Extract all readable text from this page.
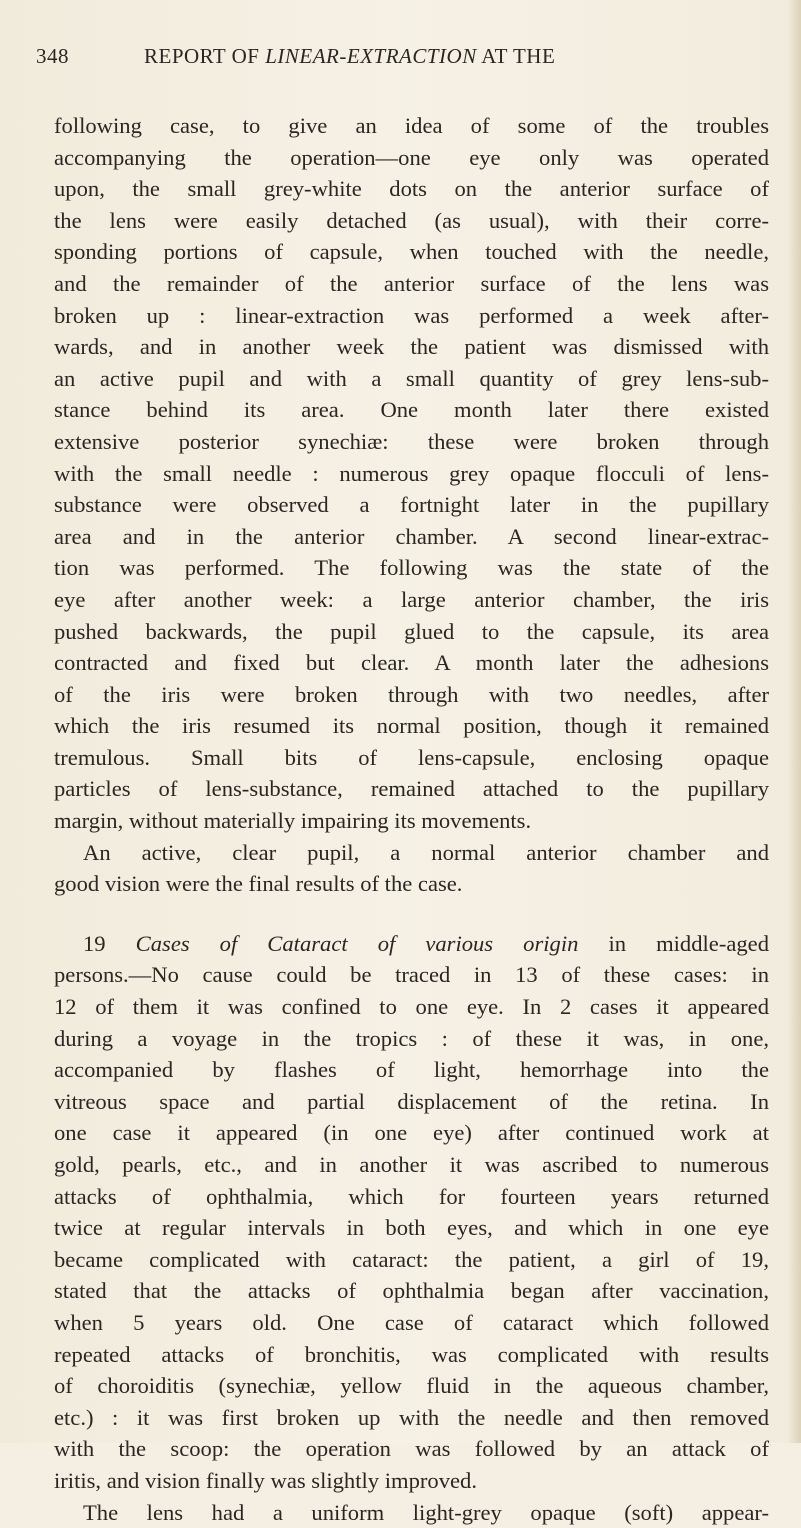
348	REPORT OF LINEAR-EXTRACTION AT THE
following case, to give an idea of some of the troubles
accompanying the operation—one eye only was operated
upon, the small grey-white dots on the anterior surface of
the lens were easily detached (as usual), with their corre-
sponding portions of capsule, when touched with the needle,
and the remainder of the anterior surface of the lens was
broken up : linear-extraction was performed a week after-
wards, and in another week the patient was dismissed with
an active pupil and with a small quantity of grey lens-sub-
stance behind its area. One month later there existed
extensive posterior synechiæ: these were broken through
with the small needle : numerous grey opaque flocculi of lens-
substance were observed a fortnight later in the pupillary
area and in the anterior chamber. A second linear-extrac-
tion was performed. The following was the state of the
eye after another week: a large anterior chamber, the iris
pushed backwards, the pupil glued to the capsule, its area
contracted and fixed but clear. A month later the adhesions
of the iris were broken through with two needles, after
which the iris resumed its normal position, though it remained
tremulous. Small bits of lens-capsule, enclosing opaque
particles of lens-substance, remained attached to the pupillary
margin, without materially impairing its movements.
An active, clear pupil, a normal anterior chamber and
good vision were the final results of the case.
19 Cases of Cataract of various origin in middle-aged
persons.—No cause could be traced in 13 of these cases: in
12 of them it was confined to one eye. In 2 cases it appeared
during a voyage in the tropics : of these it was, in one,
accompanied by flashes of light, hemorrhage into the
vitreous space and partial displacement of the retina. In
one case it appeared (in one eye) after continued work at
gold, pearls, etc., and in another it was ascribed to numerous
attacks of ophthalmia, which for fourteen years returned
twice at regular intervals in both eyes, and which in one eye
became complicated with cataract: the patient, a girl of 19,
stated that the attacks of ophthalmia began after vaccination,
when 5 years old. One case of cataract which followed
repeated attacks of bronchitis, was complicated with results
of choroiditis (synechiæ, yellow fluid in the aqueous chamber,
etc.) : it was first broken up with the needle and then removed
with the scoop: the operation was followed by an attack of
iritis, and vision finally was slightly improved.
The lens had a uniform light-grey opaque (soft) appear-
